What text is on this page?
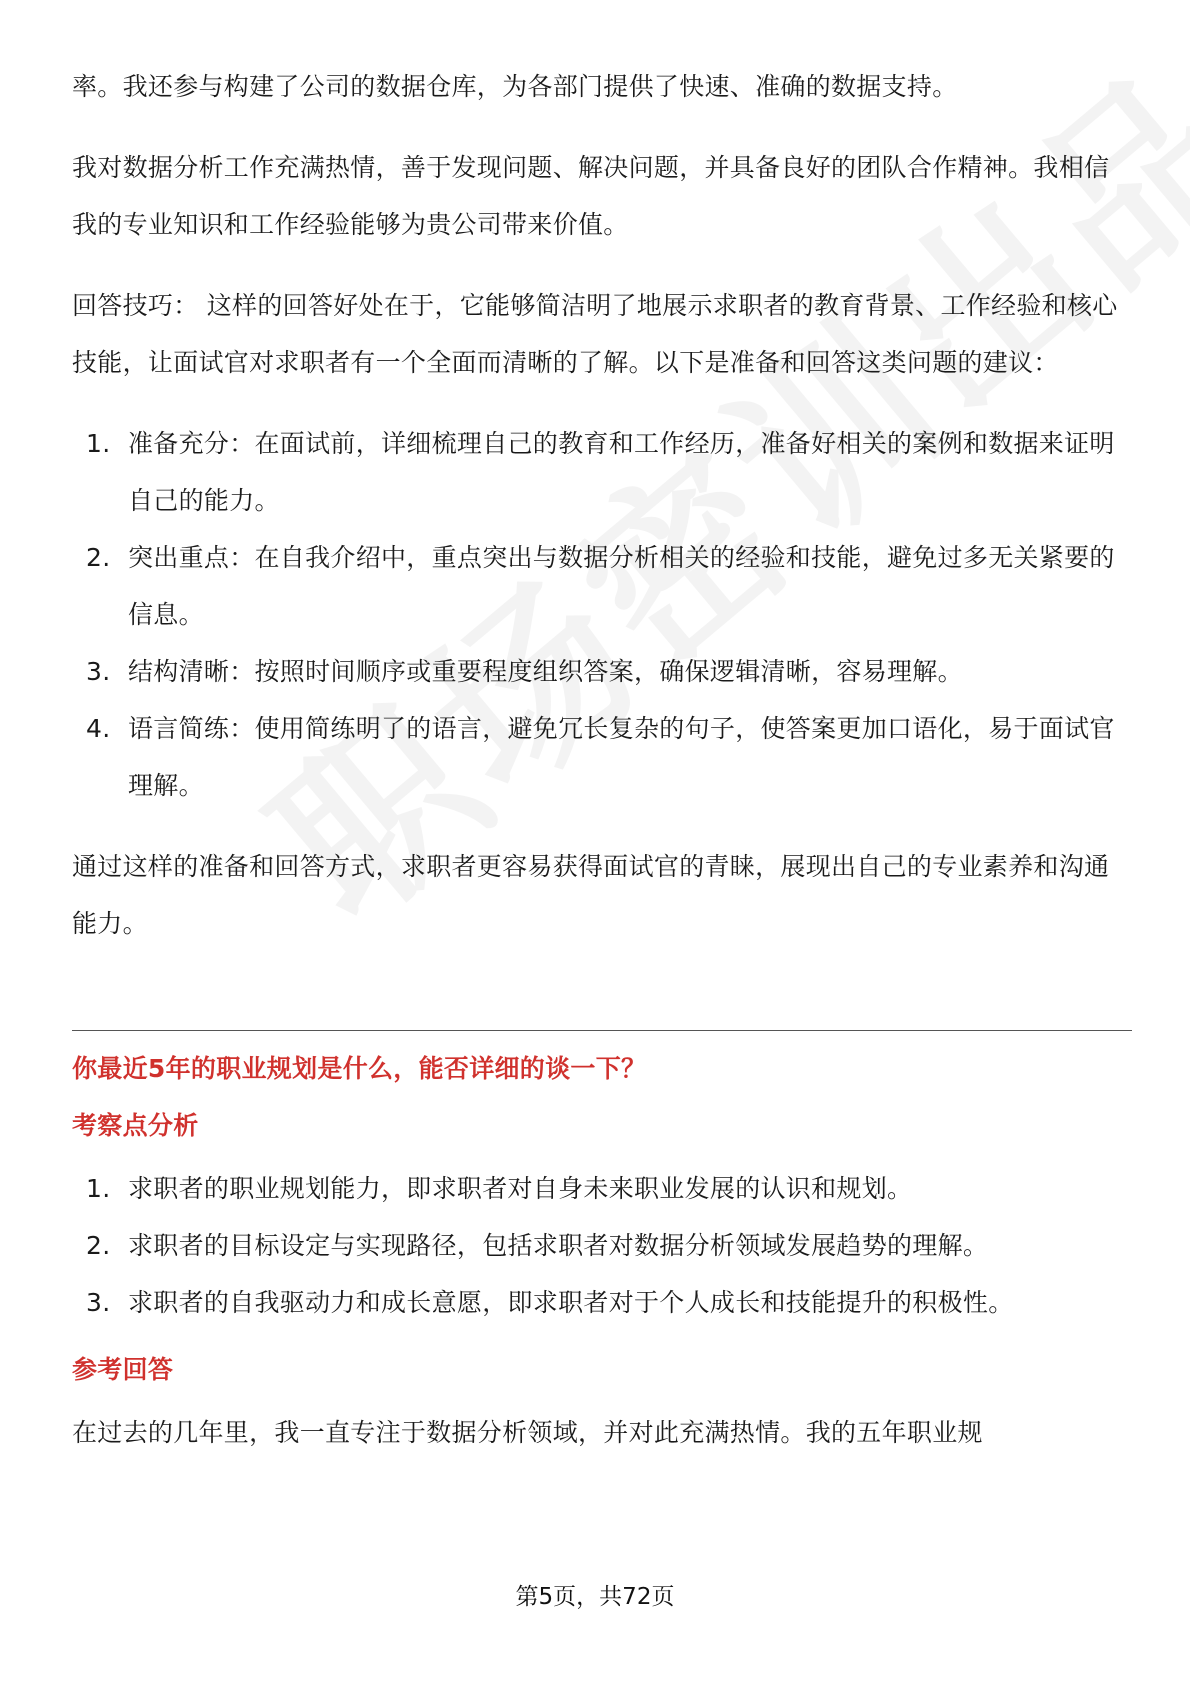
率。我还参与构建了公司的数据仓库，为各部门提供了快速、准确的数据支持。

我对数据分析工作充满热情，善于发现问题、解决问题，并具备良好的团队合作精神。我相信我的专业知识和工作经验能够为贵公司带来价值。

回答技巧： 这样的回答好处在于，它能够简洁明了地展示求职者的教育背景、工作经验和核心技能，让面试官对求职者有一个全面而清晰的了解。以下是准备和回答这类问题的建议：

1. 准备充分：在面试前，详细梳理自己的教育和工作经历，准备好相关的案例和数据来证明自己的能力。
2. 突出重点：在自我介绍中，重点突出与数据分析相关的经验和技能，避免过多无关紧要的信息。
3. 结构清晰：按照时间顺序或重要程度组织答案，确保逻辑清晰，容易理解。
4. 语言简练：使用简练明了的语言，避免冗长复杂的句子，使答案更加口语化，易于面试官理解。

通过这样的准备和回答方式，求职者更容易获得面试官的青睐，展现出自己的专业素养和沟通能力。

你最近5年的职业规划是什么，能否详细的谈一下？

考察点分析

1. 求职者的职业规划能力，即求职者对自身未来职业发展的认识和规划。
2. 求职者的目标设定与实现路径，包括求职者对数据分析领域发展趋势的理解。
3. 求职者的自我驱动力和成长意愿，即求职者对于个人成长和技能提升的积极性。

参考回答

在过去的几年里，我一直专注于数据分析领域，并对此充满热情。我的五年职业规

第5页，共72页
